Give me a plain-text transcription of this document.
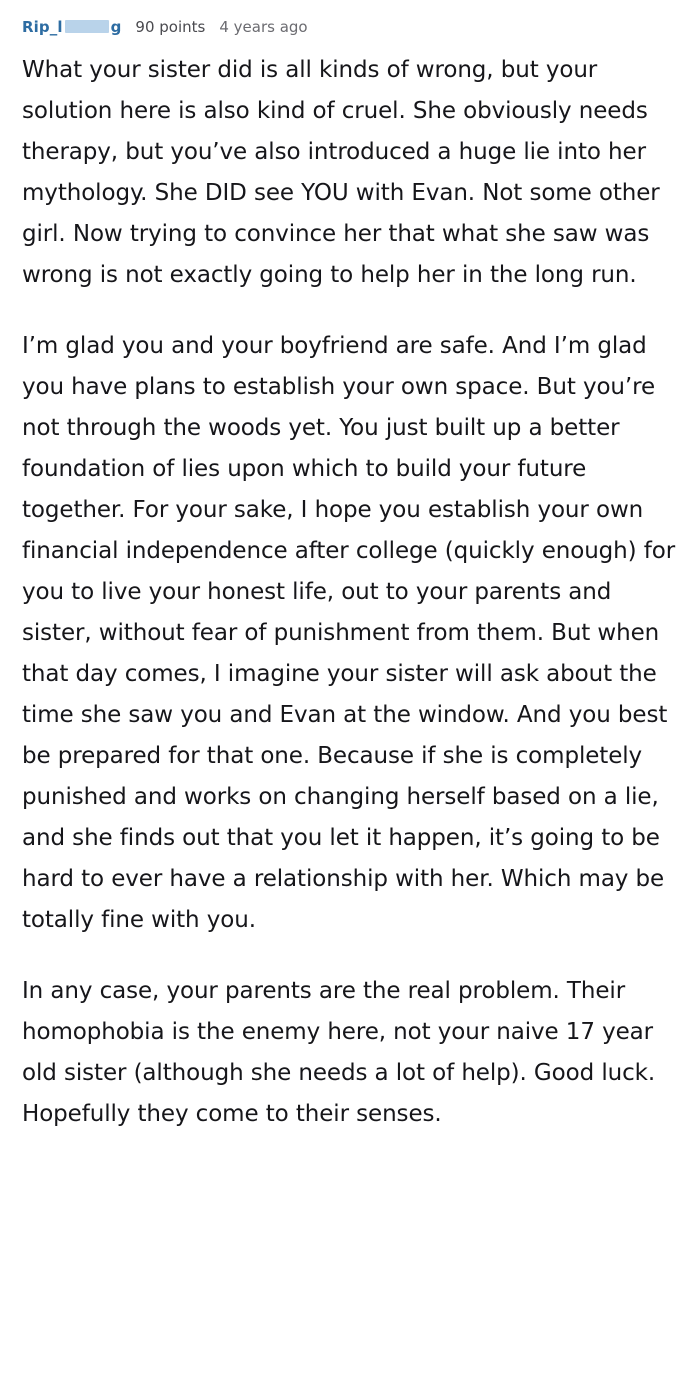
Rip_l	g 90 points 4 years ago

What your sister did is all kinds of wrong, but your solution here is also kind of cruel. She obviously needs therapy, but you’ve also introduced a huge lie into her mythology. She DID see YOU with Evan. Not some other girl. Now trying to convince her that what she saw was wrong is not exactly going to help her in the long run.

I’m glad you and your boyfriend are safe. And I’m glad you have plans to establish your own space. But you’re not through the woods yet. You just built up a better foundation of lies upon which to build your future together. For your sake, I hope you establish your own financial independence after college (quickly enough) for you to live your honest life, out to your parents and sister, without fear of punishment from them. But when that day comes, I imagine your sister will ask about the time she saw you and Evan at the window. And you best be prepared for that one. Because if she is completely punished and works on changing herself based on a lie, and she finds out that you let it happen, it’s going to be hard to ever have a relationship with her. Which may be totally fine with you.

In any case, your parents are the real problem. Their homophobia is the enemy here, not your naive 17 year old sister (although she needs a lot of help). Good luck. Hopefully they come to their senses.
